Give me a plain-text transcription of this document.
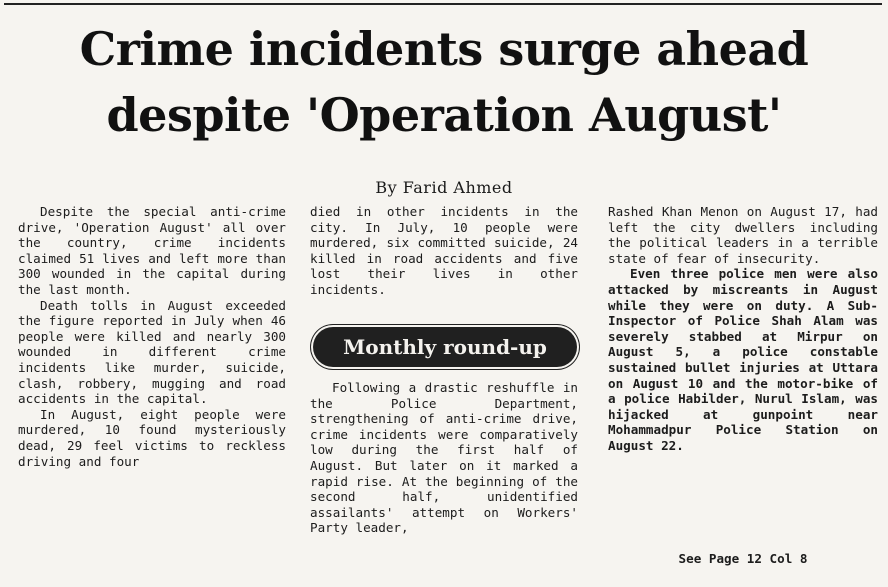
Crime incidents surge ahead
despite 'Operation August'
By Farid Ahmed

Despite the special anti-crime drive, 'Operation August' all over the country, crime incidents claimed 51 lives and left more than 300 wounded in the capital during the last month.

Death tolls in August exceeded the figure reported in July when 46 people were killed and nearly 300 wounded in different crime incidents like murder, suicide, clash, robbery, mugging and road accidents in the capital.

In August, eight people were murdered, 10 found mysteriously dead, 29 feel victims to reckless driving and four

died in other incidents in the city. In July, 10 people were murdered, six committed suicide, 24 killed in road accidents and five lost their lives in other incidents.

Monthly round-up

Following a drastic reshuffle in the Police Department, strengthening of anti-crime drive, crime incidents were comparatively low during the first half of August. But later on it marked a rapid rise. At the beginning of the second half, unidentified assailants' attempt on Workers' Party leader,

Rashed Khan Menon on August 17, had left the city dwellers including the political leaders in a terrible state of fear of insecurity.

Even three police men were also attacked by miscreants in August while they were on duty. A Sub-Inspector of Police Shah Alam was severely stabbed at Mirpur on August 5, a police constable sustained bullet injuries at Uttara on August 10 and the motor-bike of a police Habilder, Nurul Islam, was hijacked at gunpoint near Mohammadpur Police Station on August 22.

See Page 12 Col 8
